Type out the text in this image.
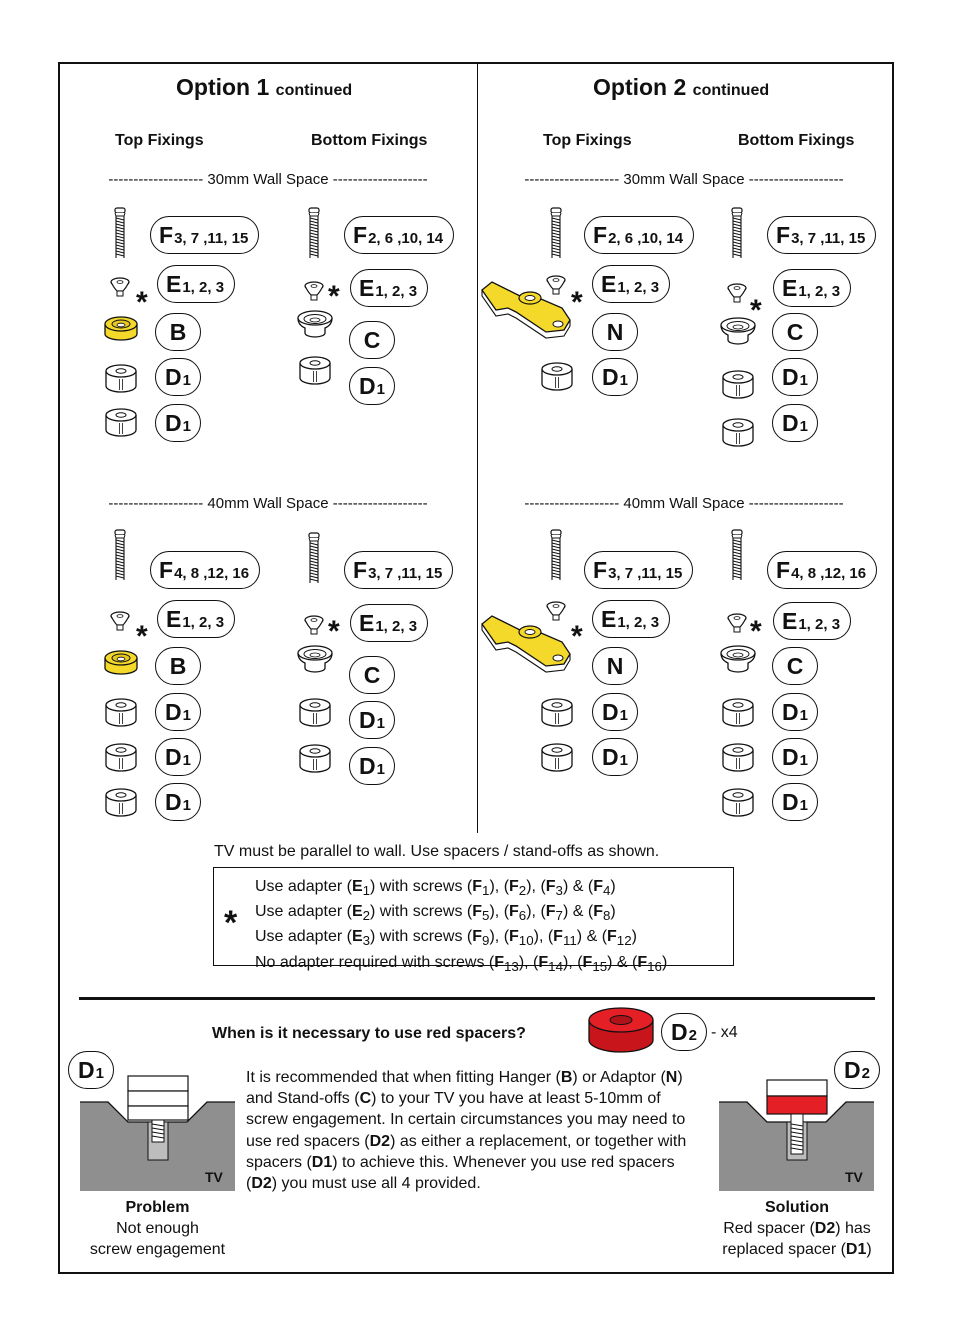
Option 1 continued	Option 2 continued
Top Fixings	Bottom Fixings	Top Fixings	Bottom Fixings
------------------- 30mm Wall Space -------------------	------------------- 30mm Wall Space -------------------
------------------- 40mm Wall Space -------------------	------------------- 40mm Wall Space -------------------
*
F 3, 7 ,11, 15
E 1, 2, 3
B
D 1
D 1
*
F 2, 6 ,10, 14
E 1, 2, 3
C
D 1
*
F 2, 6 ,10, 14
E 1, 2, 3
N
D 1
*
F 3, 7 ,11, 15
E 1, 2, 3
C
D 1
D 1
*
F 4, 8 ,12, 16
E 1, 2, 3
B
D 1
D 1
D 1
*
F 3, 7 ,11, 15
E 1, 2, 3
C
D 1
D 1
*
F 3, 7 ,11, 15
E 1, 2, 3
N
D 1
D 1
*
F 4, 8 ,12, 16
E 1, 2, 3
C
D 1
D 1
D 1
TV must be parallel to wall. Use spacers / stand-offs as shown.
*
Use adapter $(E_1)$ with screws $(F_1)$, $(F_2)$, $(F_3)$ & $(F_4)$
Use adapter $(E_2)$ with screws $(F_5)$, $(F_6)$, $(F_7)$ & $(F_8)$
Use adapter $(E_3)$ with screws $(F_9)$, $(F_{10})$, $(F_{11})$ & $(F_{12})$
No adapter required with screws $(F_{13})$, $(F_{14})$, $(F_{15})$ & $(F_{16})$
When is it necessary to use red spacers?	D 2 - x4
D 1
TV
It is recommended that when fitting Hanger (B) or Adaptor (N) and Stand-offs (C) to your TV you have at least 5-10mm of screw engagement. In certain circumstances you may need to use red spacers (D2) as either a replacement, or together with spacers (D1) to achieve this. Whenever you use red spacers (D2) you must use all 4 provided.
D 2
TV
Problem
Not enough
screw engagement
Solution
Red spacer (D2) has
replaced spacer (D1)
